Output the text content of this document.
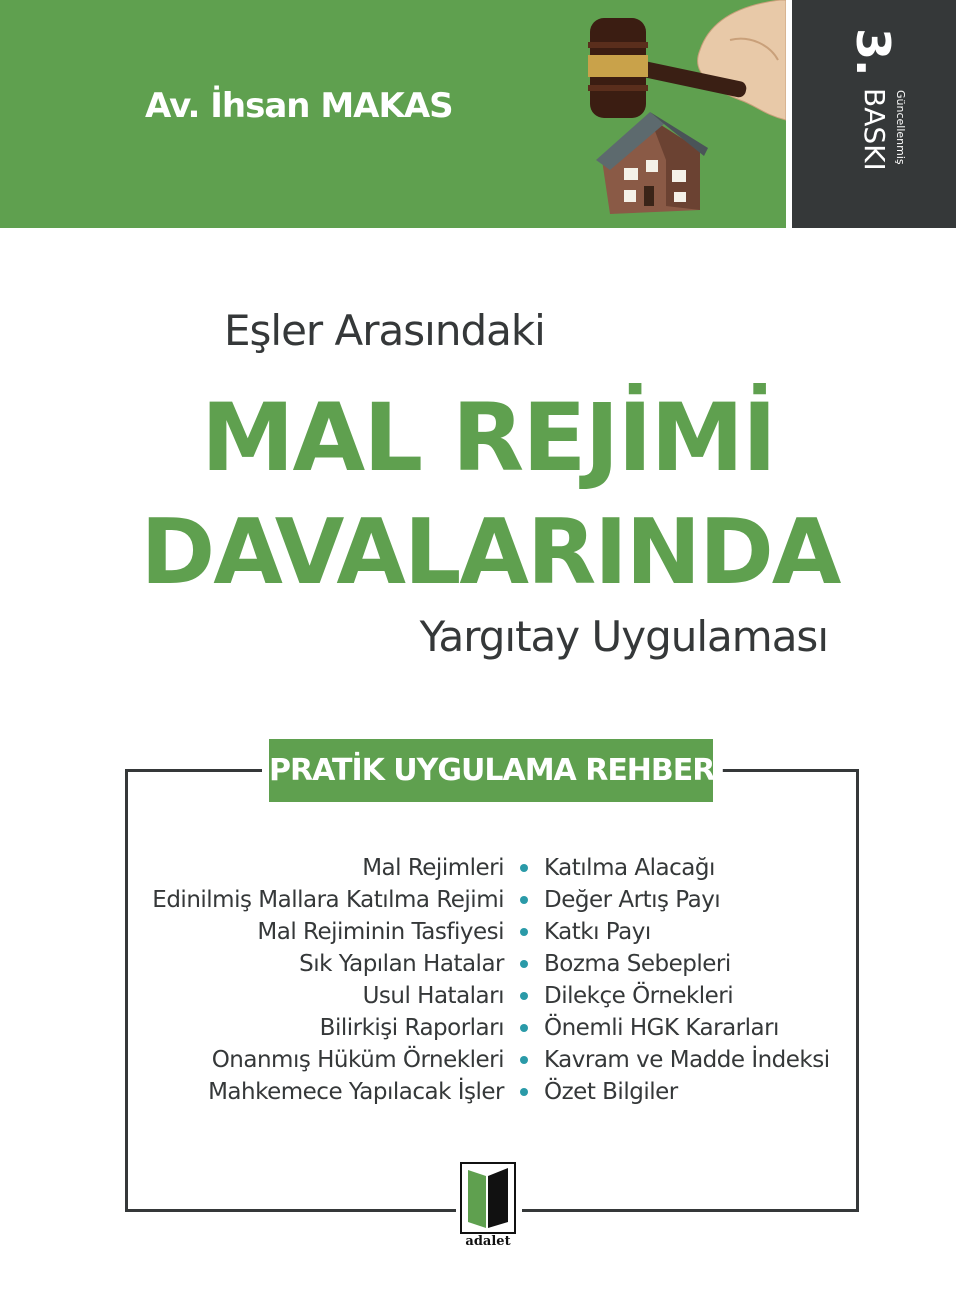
3.
BASKI Güncellenmiş
Av. İhsan MAKAS
Eşler Arasındaki
MAL REJİMİ
DAVALARINDA
Yargıtay Uygulaması
PRATİK UYGULAMA REHBERİ
Mal Rejimleri Katılma Alacağı
Edinilmiş Mallara Katılma Rejimi Değer Artış Payı
Mal Rejiminin Tasfiyesi Katkı Payı
Sık Yapılan Hatalar Bozma Sebepleri
Usul Hataları Dilekçe Örnekleri
Bilirkişi Raporları Önemli HGK Kararları
Onanmış Hüküm Örnekleri Kavram ve Madde İndeksi
Mahkemece Yapılacak İşler Özet Bilgiler
adalet
